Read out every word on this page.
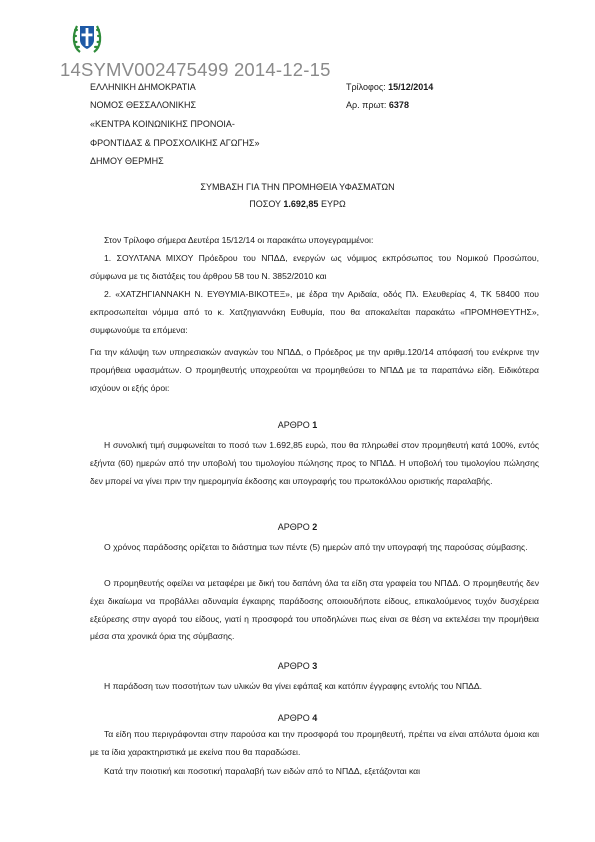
14SYMV002475499 2014-12-15
ΕΛΛΗΝΙΚΗ ΔΗΜΟΚΡΑΤΙΑ
ΝΟΜΟΣ ΘΕΣΣΑΛΟΝΙΚΗΣ
«ΚΕΝΤΡΑ ΚΟΙΝΩΝΙΚΗΣ ΠΡΟΝΟΙΑ-
ΦΡΟΝΤΙΔΑΣ & ΠΡΟΣΧΟΛΙΚΗΣ ΑΓΩΓΗΣ»
ΔΗΜΟΥ ΘΕΡΜΗΣ
Τρίλοφος: 15/12/2014
Αρ. πρωτ: 6378
ΣΥΜΒΑΣΗ ΓΙΑ ΤΗΝ ΠΡΟΜΗΘΕΙΑ ΥΦΑΣΜΑΤΩΝ
ΠΟΣΟΥ 1.692,85 ΕΥΡΩ
Στον Τρίλοφο σήμερα Δευτέρα 15/12/14 οι παρακάτω υπογεγραμμένοι:
1. ΣΟΥΛΤΑΝΑ ΜΙΧΟΥ Πρόεδρου του ΝΠΔΔ, ενεργών ως νόμιμος εκπρόσωπος του Νομικού Προσώπου, σύμφωνα με τις διατάξεις του άρθρου 58 του Ν. 3852/2010 και
2. «ΧΑΤΖΗΓΙΑΝΝΑΚΗ Ν. ΕΥΘΥΜΙΑ-ΒΙΚΟΤΕΞ», με έδρα την Αριδαία, οδός Πλ. Ελευθερίας 4, ΤΚ 58400 που εκπροσωπείται νόμιμα από το κ. Χατζηγιαννάκη Ευθυμία, που θα αποκαλείται παρακάτω «ΠΡΟΜΗΘΕΥΤΗΣ», συμφωνούμε τα επόμενα:
Για την κάλυψη των υπηρεσιακών αναγκών του ΝΠΔΔ, ο Πρόεδρος με την αριθμ.120/14 απόφασή του ενέκρινε την προμήθεια υφασμάτων. Ο προμηθευτής υποχρεούται να προμηθεύσει το ΝΠΔΔ με τα παραπάνω είδη. Ειδικότερα ισχύουν οι εξής όροι:
ΑΡΘΡΟ 1
Η συνολική τιμή συμφωνείται το ποσό των 1.692,85 ευρώ, που θα πληρωθεί στον προμηθευτή κατά 100%, εντός εξήντα (60) ημερών από την υποβολή του τιμολογίου πώλησης προς το ΝΠΔΔ. Η υποβολή του τιμολογίου πώλησης δεν μπορεί να γίνει πριν την ημερομηνία έκδοσης και υπογραφής του πρωτοκόλλου οριστικής παραλαβής.
ΑΡΘΡΟ 2
Ο χρόνος παράδοσης ορίζεται το διάστημα των πέντε (5) ημερών από την υπογραφή της παρούσας σύμβασης.
Ο προμηθευτής οφείλει να μεταφέρει με δική του δαπάνη όλα τα είδη στα γραφεία του ΝΠΔΔ. Ο προμηθευτής δεν έχει δικαίωμα να προβάλλει αδυναμία έγκαιρης παράδοσης οποιουδήποτε είδους, επικαλούμενος τυχόν δυσχέρεια εξεύρεσης στην αγορά του είδους, γιατί η προσφορά του υποδηλώνει πως είναι σε θέση να εκτελέσει την προμήθεια μέσα στα χρονικά όρια της σύμβασης.
ΑΡΘΡΟ 3
Η παράδοση των ποσοτήτων των υλικών θα γίνει εφάπαξ και κατόπιν έγγραφης εντολής του ΝΠΔΔ.
ΑΡΘΡΟ 4
Τα είδη που περιγράφονται στην παρούσα και την προσφορά του προμηθευτή, πρέπει να είναι απόλυτα όμοια και με τα ίδια χαρακτηριστικά με εκείνα που θα παραδώσει.
Κατά την ποιοτική και ποσοτική παραλαβή των ειδών από το ΝΠΔΔ, εξετάζονται και
